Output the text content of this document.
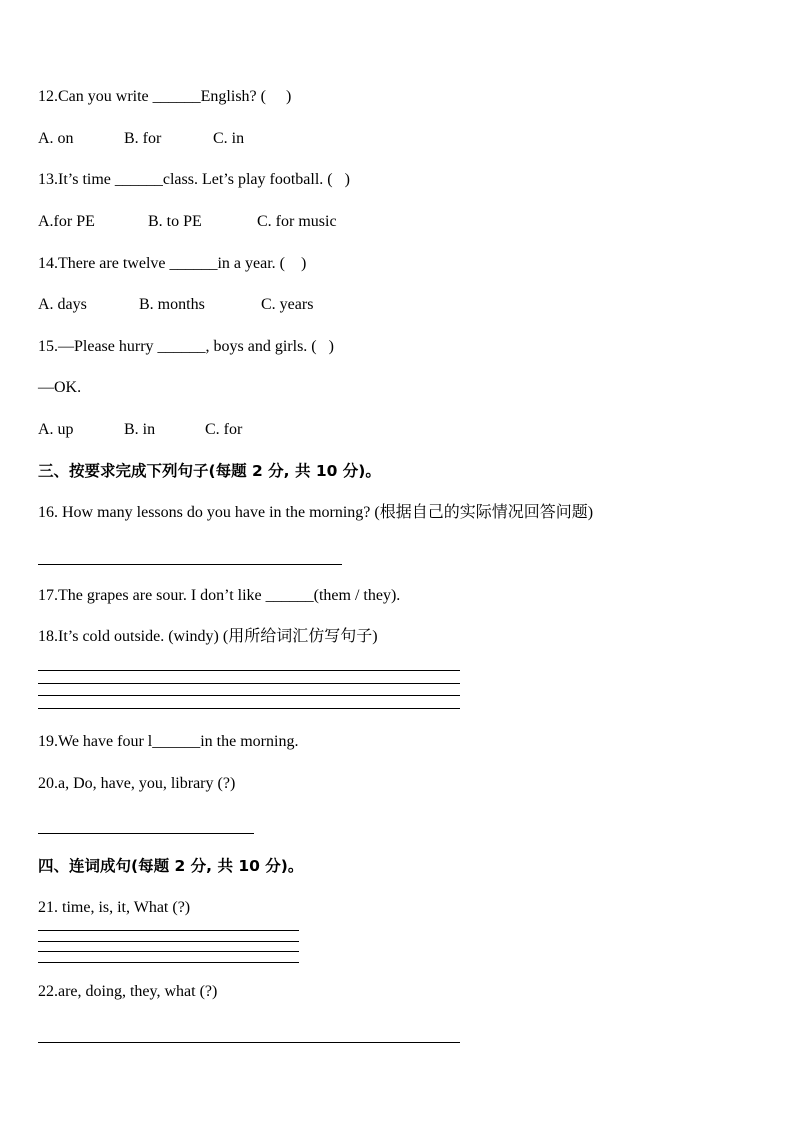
12.Can you write ______English? (     )
A. on	B. for	C. in
13.It’s time ______class. Let’s play football. (   )
A.for PE	B. to PE	C. for music
14.There are twelve ______in a year. (    )
A. days	B. months	C. years
15.—Please hurry ______, boys and girls. (   )
—OK.
A. up	B. in	C. for
三、按要求完成下列句子(每题 2 分, 共 10 分)。
16. How many lessons do you have in the morning? (根据自己的实际情况回答问题)
17.The grapes are sour. I don’t like ______(them / they).
18.It’s cold outside. (windy) (用所给词汇仿写句子)
19.We have four l______in the morning.
20.a, Do, have, you, library (?)
四、连词成句(每题 2 分, 共 10 分)。
21. time, is, it, What (?)
22.are, doing, they, what (?)
